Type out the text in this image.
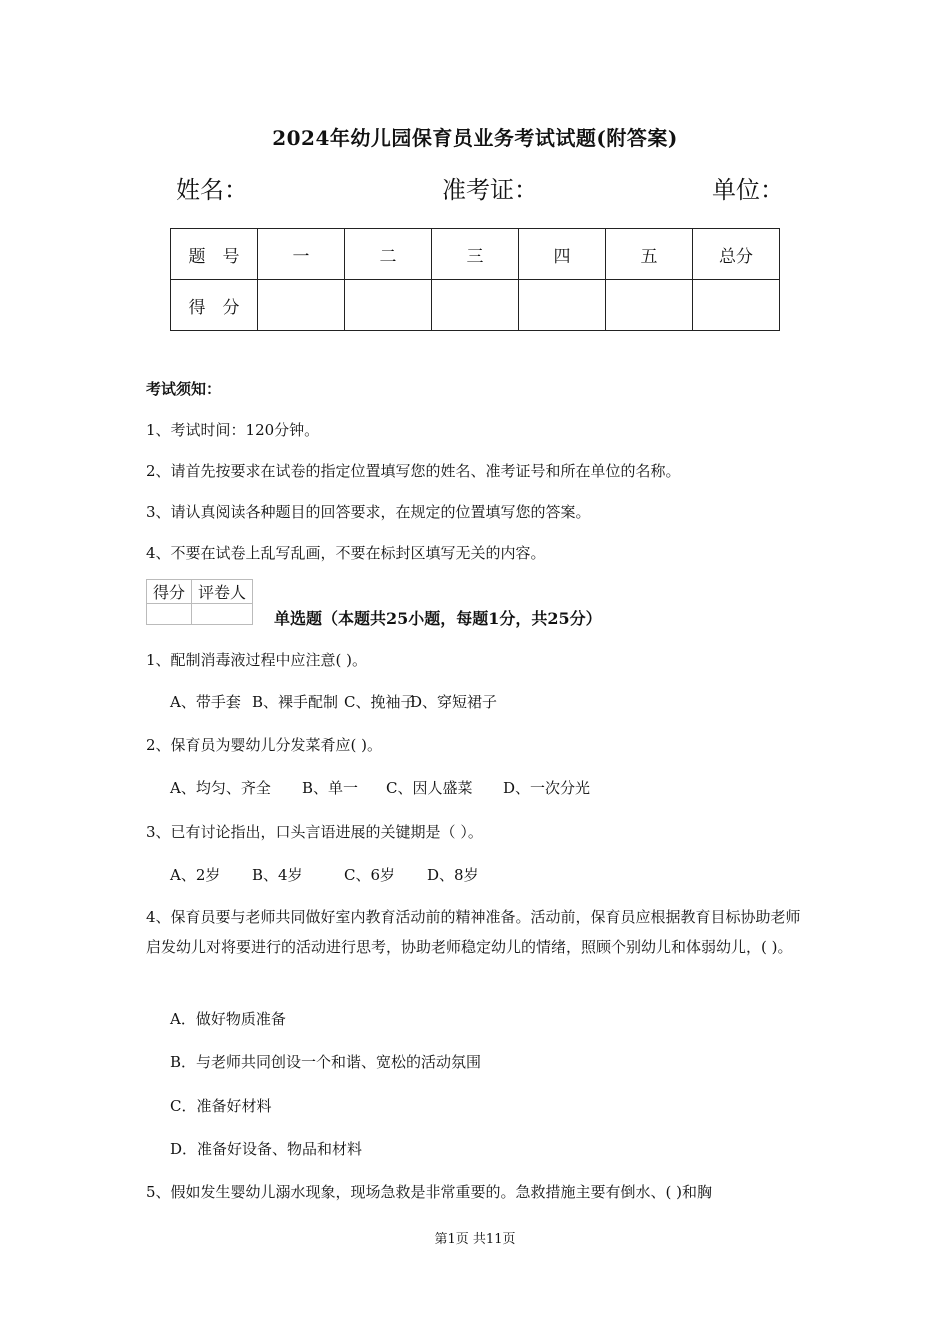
2024年幼儿园保育员业务考试试题(附答案)
姓名：	准考证：	单位：
题　号	一	二	三	四	五	总分
得　分						
考试须知：
1、考试时间：120分钟。
2、请首先按要求在试卷的指定位置填写您的姓名、准考证号和所在单位的名称。
3、请认真阅读各种题目的回答要求，在规定的位置填写您的答案。
4、不要在试卷上乱写乱画，不要在标封区填写无关的内容。
得分	评卷人

单选题（本题共25小题，每题1分，共25分）
1、配制消毒液过程中应注意( )。
A、带手套 B、裸手配制 C、挽袖子D、穿短裙子
2、保育员为婴幼儿分发菜肴应( )。
A、均匀、齐全 B、单一 C、因人盛菜 D、一次分光
3、已有讨论指出，口头言语进展的关键期是（ ）。
A、2岁 B、4岁	C、6岁 D、8岁
4、保育员要与老师共同做好室内教育活动前的精神准备。活动前，保育员应根据教育目标协助老师启发幼儿对将要进行的活动进行思考，协助老师稳定幼儿的情绪，照顾个别幼儿和体弱幼儿，( )。
A．做好物质准备
B．与老师共同创设一个和谐、宽松的活动氛围
C．准备好材料
D．准备好设备、物品和材料
5、假如发生婴幼儿溺水现象，现场急救是非常重要的。急救措施主要有倒水、( )和胸
第1页 共11页
